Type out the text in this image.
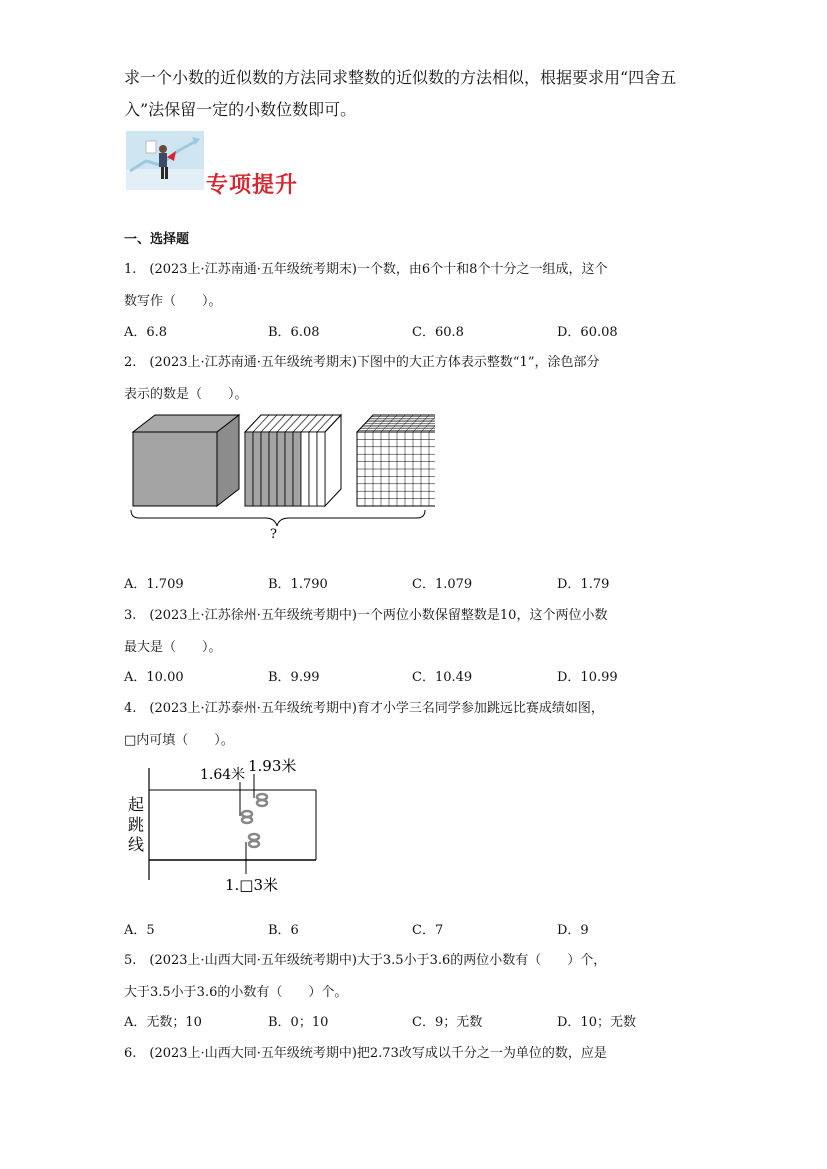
求一个小数的近似数的方法同求整数的近似数的方法相似，根据要求用“四舍五入”法保留一定的小数位数即可。
专项提升
一、选择题
1.　(2023上·江苏南通·五年级统考期末)一个数，由6个十和8个十分之一组成，这个
数写作（　　）。
A．6.8	B．6.08	C．60.8	D．60.08
2.　(2023上·江苏南通·五年级统考期末)下图中的大正方体表示整数“1”，涂色部分
表示的数是（　　）。
?
A．1.709	B．1.790	C．1.079	D．1.79
3.　(2023上·江苏徐州·五年级统考期中)一个两位小数保留整数是10，这个两位小数
最大是（　　）。
A．10.00	B．9.99	C．10.49	D．10.99
4.　(2023上·江苏泰州·五年级统考期中)育才小学三名同学参加跳远比赛成绩如图，
□内可填（　　）。
起
跳
线
1.64米 1.93米
1.□3米
A．5	B．6	C．7	D．9
5.　(2023上·山西大同·五年级统考期中)大于3.5小于3.6的两位小数有（　　）个，
大于3.5小于3.6的小数有（　　）个。
A．无数；10	B．0；10	C．9；无数	D．10；无数
6.　(2023上·山西大同·五年级统考期中)把2.73改写成以千分之一为单位的数，应是
